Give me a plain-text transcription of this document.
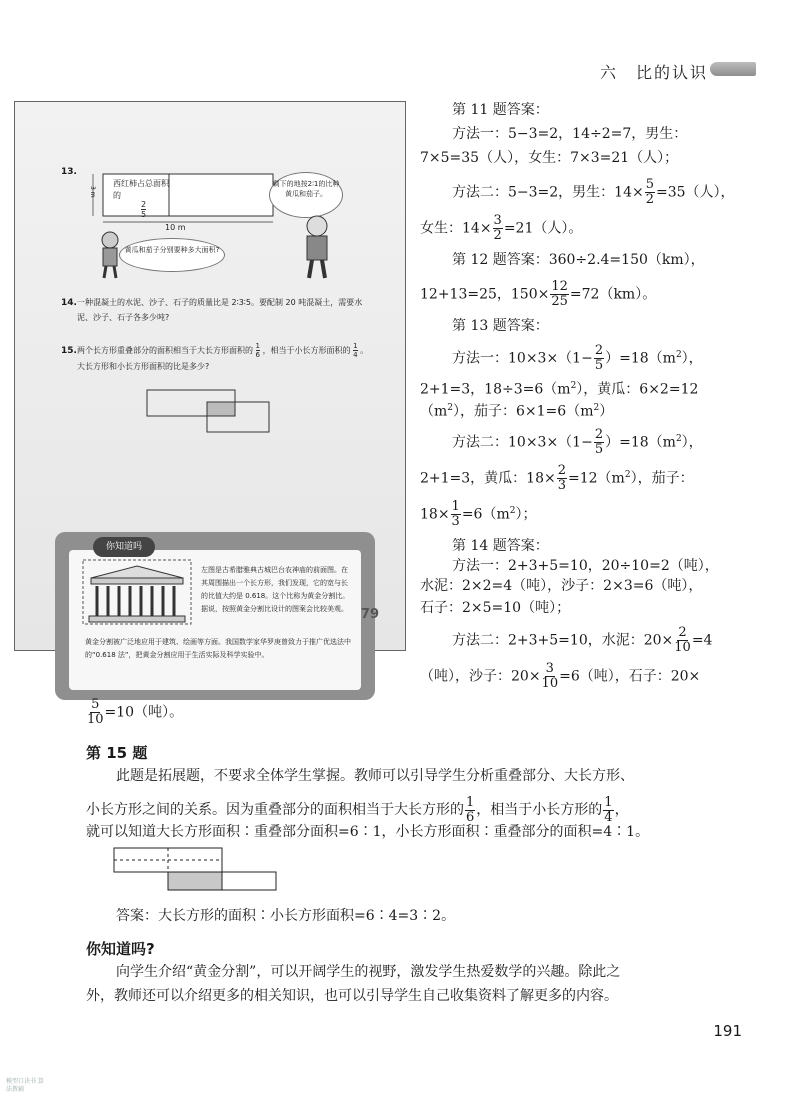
六　比的认识
13.
西红柿占总面积的
$\frac{2}{5}$
10 m
3 m
剩下的地按2∶1的比种黄瓜和茄子。
黄瓜和茄子分别要种多大面积?
14. 一种混凝土的水泥、沙子、石子的质量比是 2∶3∶5。要配制 20 吨混凝土，需要水泥、沙子、石子各多少吨?
15. 两个长方形重叠部分的面积相当于大长方形面积的 $\frac{1}{6}$ ，相当于小长方形面积的 $\frac{1}{4}$ 。大长方形和小长方形面积的比是多少?
你知道吗
左图是古希腊雅典古城巴台农神庙的前面图。在其周围描出一个长方形，我们发现，它的宽与长的比值大约是 0.618。这个比称为黄金分割比。据说，按照黄金分割比设计的图案会比较美观。
黄金分割被广泛地应用于建筑、绘画等方面。我国数学家华罗庚曾致力于推广优选法中的“0.618 法”，把黄金分割应用于生活实际及科学实验中。
79
第 11 题答案：
方法一：5−3=2，14÷2=7，男生：
7×5=35（人），女生：7×3=21（人）；
方法二：5−3=2，男生：$14\times \frac{5}{2} =35$（人），
女生：$14\times \frac{3}{2} =21$（人）。
第 12 题答案：360÷2.4=150（km），
12+13=25，$150\times \frac{12}{25} =72(km)$。
第 13 题答案：
方法一：$10\times 3\times(1- \frac{2}{5} )=18(m^2)$，
2+1=3，$18\div 3=6(m^2)$，黄瓜：6×2=12
$(m^2)$，茄子：$6\times 1=6(m^2)$
方法二：$10\times 3\times(1- \frac{2}{5} )=18(m^2)$，
2+1=3，黄瓜：$18\times \frac{2}{3} =12(m^2)$，茄子：
$18\times \frac{1}{3} =6(m^2)$；
第 14 题答案：
方法一：2+3+5=10，20÷10=2（吨），
水泥：2×2=4（吨），沙子：2×3=6（吨），
石子：2×5=10（吨）；
方法二：2+3+5=10，水泥：$20\times \frac{2}{10} =4$
（吨），沙子：$20\times \frac{3}{10} =6$（吨），石子：20×
$\frac{5}{10} =10$（吨）。
第 15 题
此题是拓展题，不要求全体学生掌握。教师可以引导学生分析重叠部分、大长方形、
小长方形之间的关系。因为重叠部分的面积相当于大长方形的 $\frac{1}{6}$ ，相当于小长方形的 $\frac{1}{4}$ ，
就可以知道大长方形面积∶重叠部分面积=6∶1，小长方形面积∶重叠部分的面积=4∶1。
答案：大长方形的面积∶小长方形面积=6∶4=3∶2。
你知道吗?
向学生介绍“黄金分割”，可以开阔学生的视野，激发学生热爱数学的兴趣。除此之
外，教师还可以介绍更多的相关知识，也可以引导学生自己收集资料了解更多的内容。
191
模型口诀书 算法教辅
